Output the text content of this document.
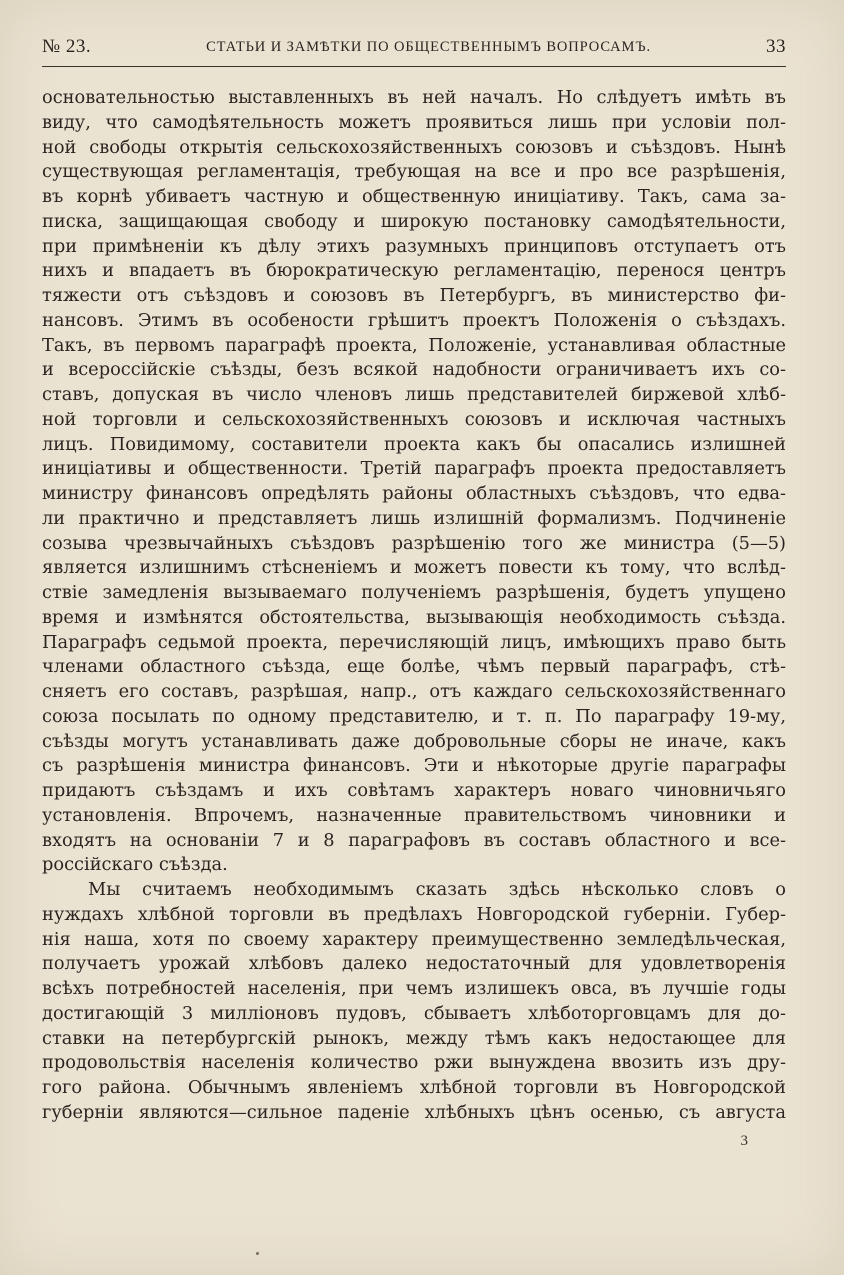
№ 23.	СТАТЬИ И ЗАМѢТКИ ПО ОБЩЕСТВЕННЫМЪ ВОПРОСАМЪ.	33
основательностью выставленныхъ въ ней началъ. Но слѣдуетъ имѣть въ
виду, что самодѣятельность можетъ проявиться лишь при условіи пол-
ной свободы открытія сельскохозяйственныхъ союзовъ и съѣздовъ. Нынѣ
существующая регламентація, требующая на все и про все разрѣшенія,
въ корнѣ убиваетъ частную и общественную иниціативу. Такъ, сама за-
писка, защищающая свободу и широкую постановку самодѣятельности,
при примѣненіи къ дѣлу этихъ разумныхъ принциповъ отступаетъ отъ
нихъ и впадаетъ въ бюрократическую регламентацію, перенося центръ
тяжести отъ съѣздовъ и союзовъ въ Петербургъ, въ министерство фи-
нансовъ. Этимъ въ особености грѣшитъ проектъ Положенія о съѣздахъ.
Такъ, въ первомъ параграфѣ проекта, Положеніе, устанавливая областные
и всероссійскіе съѣзды, безъ всякой надобности ограничиваетъ ихъ со-
ставъ, допуская въ число членовъ лишь представителей биржевой хлѣб-
ной торговли и сельскохозяйственныхъ союзовъ и исключая частныхъ
лицъ. Повидимому, составители проекта какъ бы опасались излишней
иниціативы и общественности. Третій параграфъ проекта предоставляетъ
министру финансовъ опредѣлять районы областныхъ съѣздовъ, что едва-
ли практично и представляетъ лишь излишній формализмъ. Подчиненіе
созыва чрезвычайныхъ съѣздовъ разрѣшенію того же министра (5—5)
является излишнимъ стѣсненіемъ и можетъ повести къ тому, что вслѣд-
ствіе замедленія вызываемаго полученіемъ разрѣшенія, будетъ упущено
время и измѣнятся обстоятельства, вызывающія необходимость съѣзда.
Параграфъ седьмой проекта, перечисляющій лицъ, имѣющихъ право быть
членами областного съѣзда, еще болѣе, чѣмъ первый параграфъ, стѣ-
сняетъ его составъ, разрѣшая, напр., отъ каждаго сельскохозяйственнаго
союза посылать по одному представителю, и т. п. По параграфу 19-му,
съѣзды могутъ устанавливать даже добровольные сборы не иначе, какъ
съ разрѣшенія министра финансовъ. Эти и нѣкоторые другіе параграфы
придаютъ съѣздамъ и ихъ совѣтамъ характеръ новаго чиновничьяго
установленія. Впрочемъ, назначенные правительствомъ чиновники и
входятъ на основаніи 7 и 8 параграфовъ въ составъ областного и все-
россійскаго съѣзда.
Мы считаемъ необходимымъ сказать здѣсь нѣсколько словъ о
нуждахъ хлѣбной торговли въ предѣлахъ Новгородской губерніи. Губер-
нія наша, хотя по своему характеру преимущественно земледѣльческая,
получаетъ урожай хлѣбовъ далеко недостаточный для удовлетворенія
всѣхъ потребностей населенія, при чемъ излишекъ овса, въ лучшіе годы
достигающій 3 милліоновъ пудовъ, сбываетъ хлѣботорговцамъ для до-
ставки на петербургскій рынокъ, между тѣмъ какъ недостающее для
продовольствія населенія количество ржи вынуждена ввозить изъ дру-
гого района. Обычнымъ явленіемъ хлѣбной торговли въ Новгородской
губерніи являются—сильное паденіе хлѣбныхъ цѣнъ осенью, съ августа
3
